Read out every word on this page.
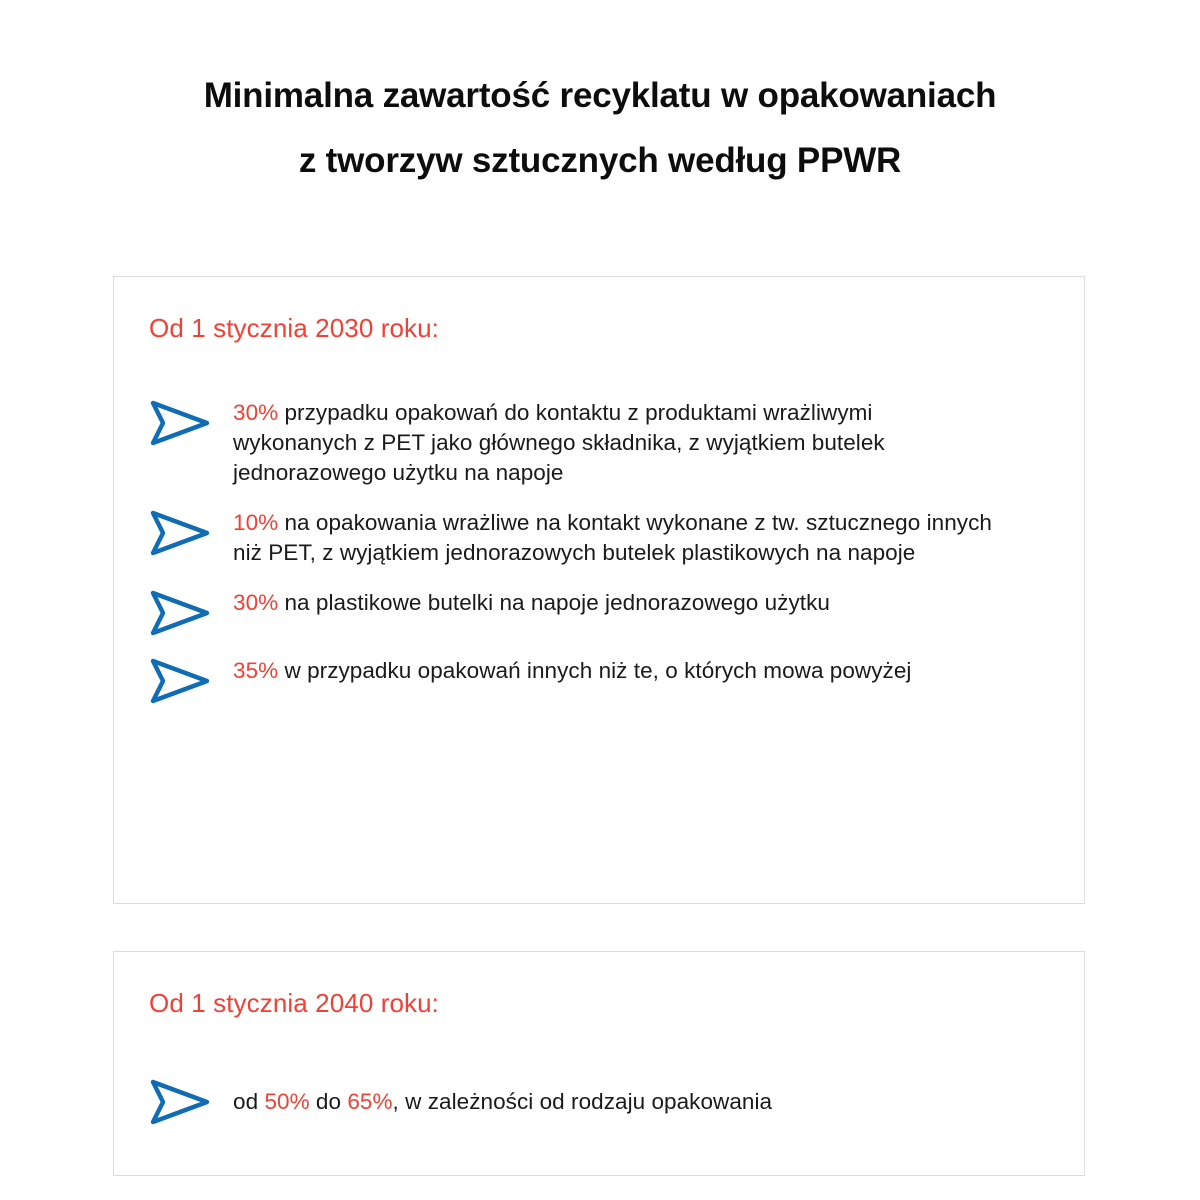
Minimalna zawartość recyklatu w opakowaniach
z tworzyw sztucznych według PPWR
Od 1 stycznia 2030 roku:
30% przypadku opakowań do kontaktu z produktami wrażliwymi wykonanych z PET jako głównego składnika, z wyjątkiem butelek jednorazowego użytku na napoje
10% na opakowania wrażliwe na kontakt wykonane z tw. sztucznego innych niż PET, z wyjątkiem jednorazowych butelek plastikowych na napoje
30% na plastikowe butelki na napoje jednorazowego użytku
35% w przypadku opakowań innych niż te, o których mowa powyżej
Od 1 stycznia 2040 roku:
od 50% do 65%, w zależności od rodzaju opakowania
